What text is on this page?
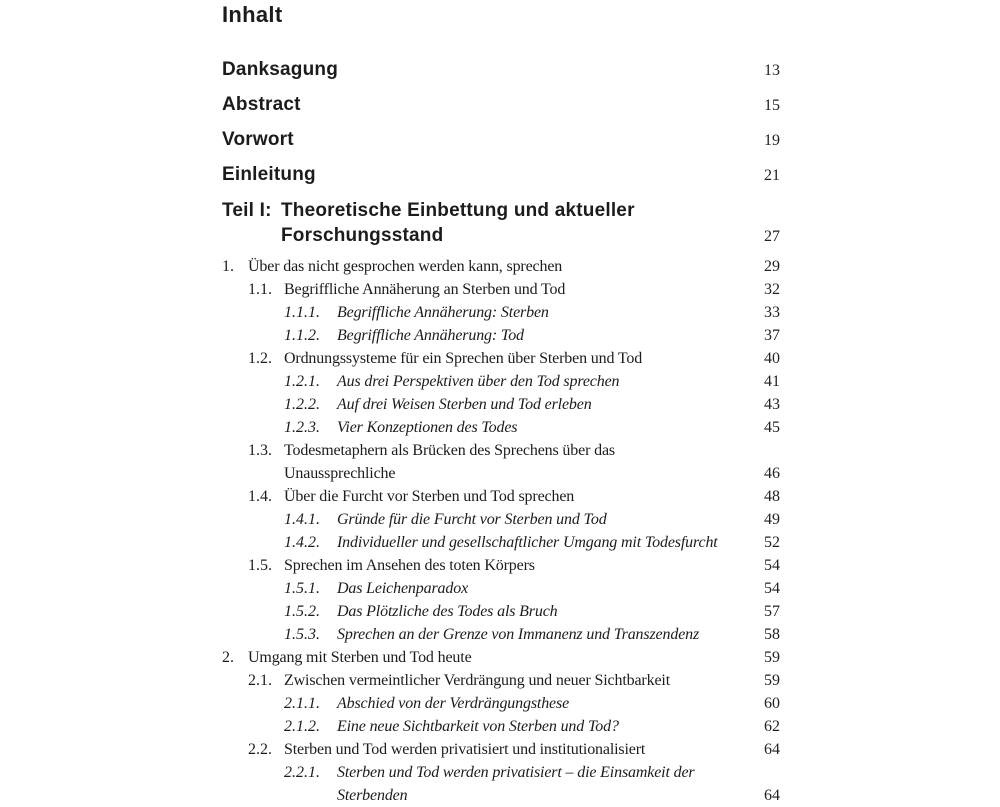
Inhalt
Danksagung	13
Abstract	15
Vorwort	19
Einleitung	21
Teil I: Theoretische Einbettung und aktueller
Forschungsstand	27
1. Über das nicht gesprochen werden kann, sprechen	29
1.1. Begriffliche Annäherung an Sterben und Tod	32
1.1.1.	Begriffliche Annäherung: Sterben	33
1.1.2.	Begriffliche Annäherung: Tod	37
1.2. Ordnungssysteme für ein Sprechen über Sterben und Tod	40
1.2.1.	Aus drei Perspektiven über den Tod sprechen	41
1.2.2.	Auf drei Weisen Sterben und Tod erleben	43
1.2.3.	Vier Konzeptionen des Todes	45
1.3. Todesmetaphern als Brücken des Sprechens über das
Unaussprechliche	46
1.4. Über die Furcht vor Sterben und Tod sprechen	48
1.4.1.	Gründe für die Furcht vor Sterben und Tod	49
1.4.2.	Individueller und gesellschaftlicher Umgang mit Todesfurcht	52
1.5. Sprechen im Ansehen des toten Körpers	54
1.5.1.	Das Leichenparadox	54
1.5.2.	Das Plötzliche des Todes als Bruch	57
1.5.3.	Sprechen an der Grenze von Immanenz und Transzendenz	58
2. Umgang mit Sterben und Tod heute	59
2.1. Zwischen vermeintlicher Verdrängung und neuer Sichtbarkeit	59
2.1.1.	Abschied von der Verdrängungsthese	60
2.1.2.	Eine neue Sichtbarkeit von Sterben und Tod?	62
2.2. Sterben und Tod werden privatisiert und institutionalisiert	64
2.2.1.	Sterben und Tod werden privatisiert – die Einsamkeit der
Sterbenden	64
